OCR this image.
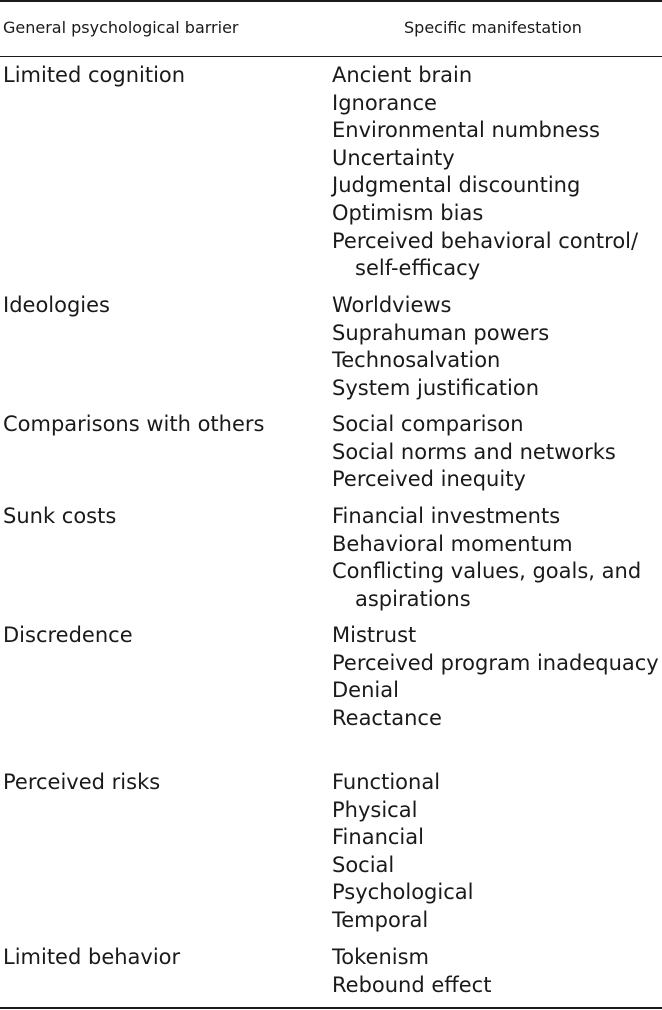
General psychological barrier	Specific manifestation
Limited cognition	Ancient brain
Ignorance
Environmental numbness
Uncertainty
Judgmental discounting
Optimism bias
Perceived behavioral control/ self-efficacy
Ideologies	Worldviews
Suprahuman powers
Technosalvation
System justification
Comparisons with others	Social comparison
Social norms and networks
Perceived inequity
Sunk costs	Financial investments
Behavioral momentum
Conflicting values, goals, and aspirations
Discredence	Mistrust
Perceived program inadequacy
Denial
Reactance
Perceived risks	Functional
Physical
Financial
Social
Psychological
Temporal
Limited behavior	Tokenism
Rebound effect
